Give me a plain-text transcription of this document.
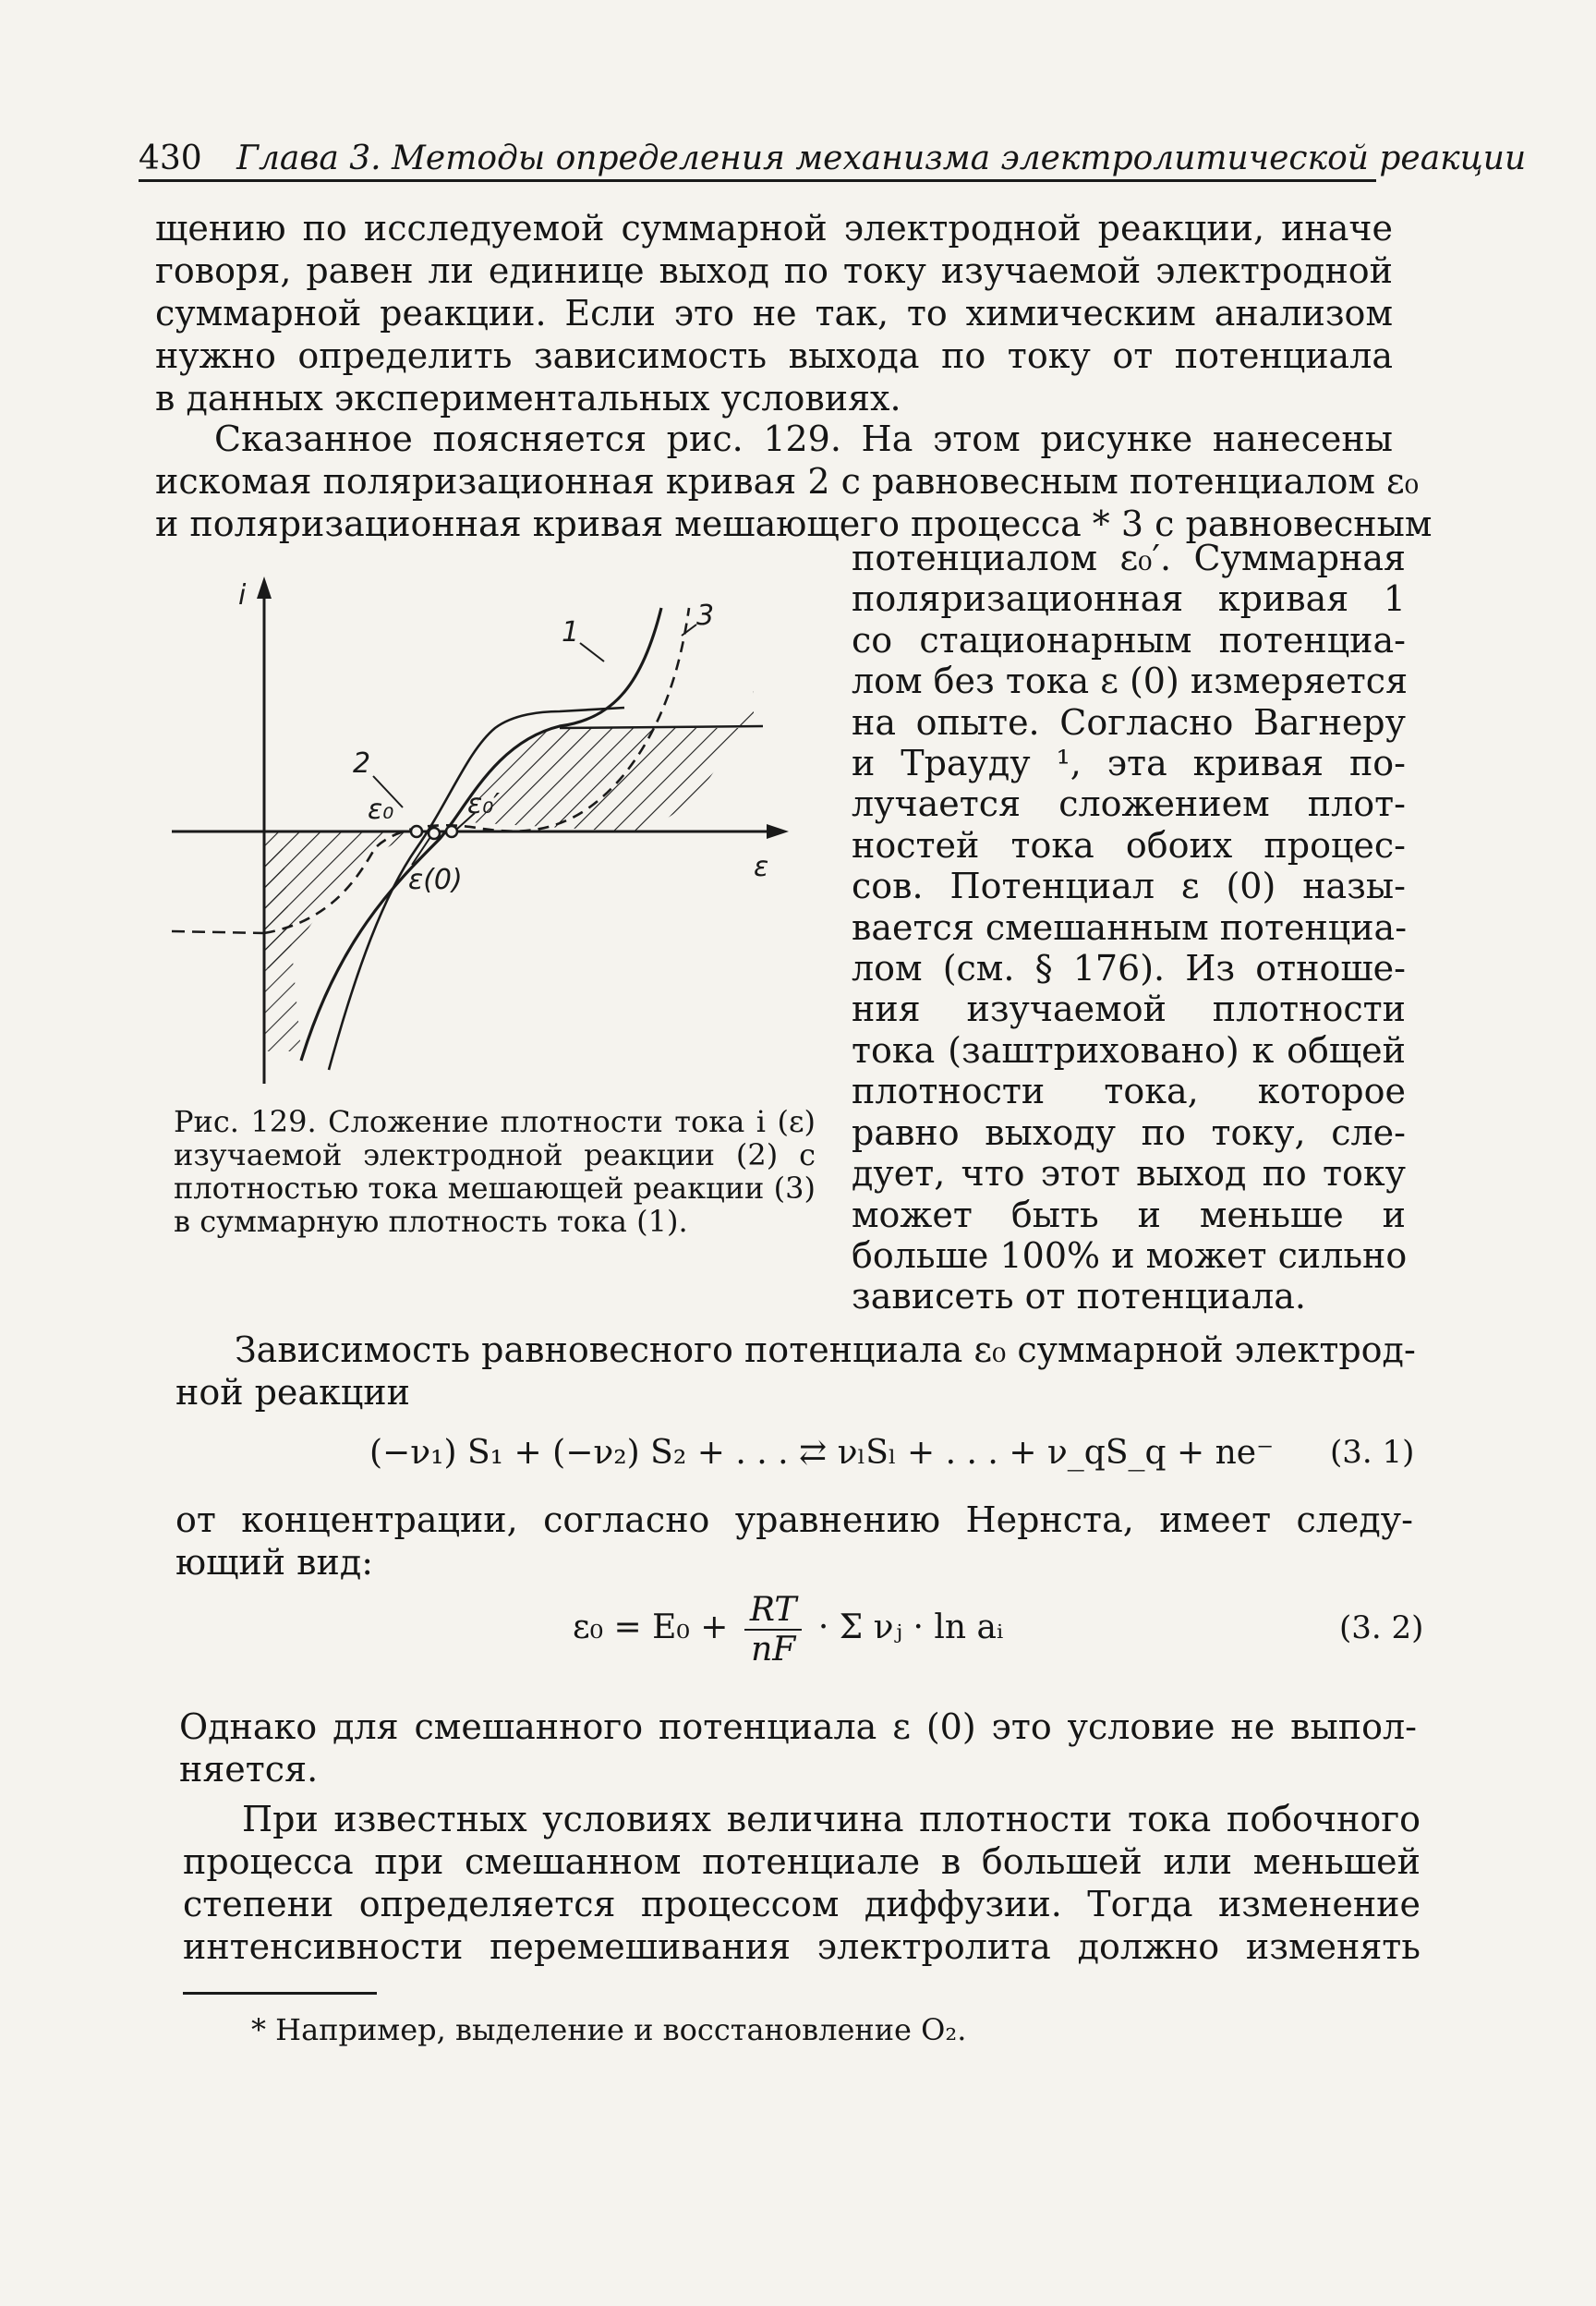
430 Глава 3. Методы определения механизма электролитической реакции
щению по исследуемой суммарной электродной реакции, иначе
говоря, равен ли единице выход по току изучаемой электродной
суммарной реакции. Если это не так, то химическим анализом
нужно определить зависимость выхода по току от потенциала
в данных экспериментальных условиях.
Сказанное поясняется рис. 129. На этом рисунке нанесены
искомая поляризационная кривая 2 с равновесным потенциалом ε₀
и поляризационная кривая мешающего процесса * 3 с равновесным
i
ε
1
3
2
ε₀	ε₀′
ε(0)
Рис. 129. Сложение плотности тока i (ε) изучаемой электродной реакции (2) с плотностью тока мешающей реакции (3) в суммарную плотность тока (1).
потенциалом ε₀′. Суммарная
поляризационная кривая 1
со стационарным потенциа-
лом без тока ε (0) измеряется
на опыте. Согласно Вагнеру
и Трауду ¹, эта кривая по-
лучается сложением плот-
ностей тока обоих процес-
сов. Потенциал ε (0) назы-
вается смешанным потенциа-
лом (см. § 176). Из отноше-
ния изучаемой плотности
тока (заштриховано) к общей
плотности тока, которое
равно выходу по току, сле-
дует, что этот выход по току
может быть и меньше и
больше 100% и может сильно
зависеть от потенциала.
Зависимость равновесного потенциала ε₀ суммарной электрод-
ной реакции
(−ν₁) S₁ + (−ν₂) S₂ + . . . ⇄ νₗSₗ + . . . + ν_qS_q + ne⁻ (3. 1)
от концентрации, согласно уравнению Нернста, имеет следу-
ющий вид:
$\varepsilon_0 = E_0 + \frac{RT}{nF} \cdot \Sigma$ νⱼ · ln aᵢ	(3. 2)
Однако для смешанного потенциала ε (0) это условие не выпол-
няется.
При известных условиях величина плотности тока побочного
процесса при смешанном потенциале в большей или меньшей
степени определяется процессом диффузии. Тогда изменение
интенсивности перемешивания электролита должно изменять
* Например, выделение и восстановление O₂.
